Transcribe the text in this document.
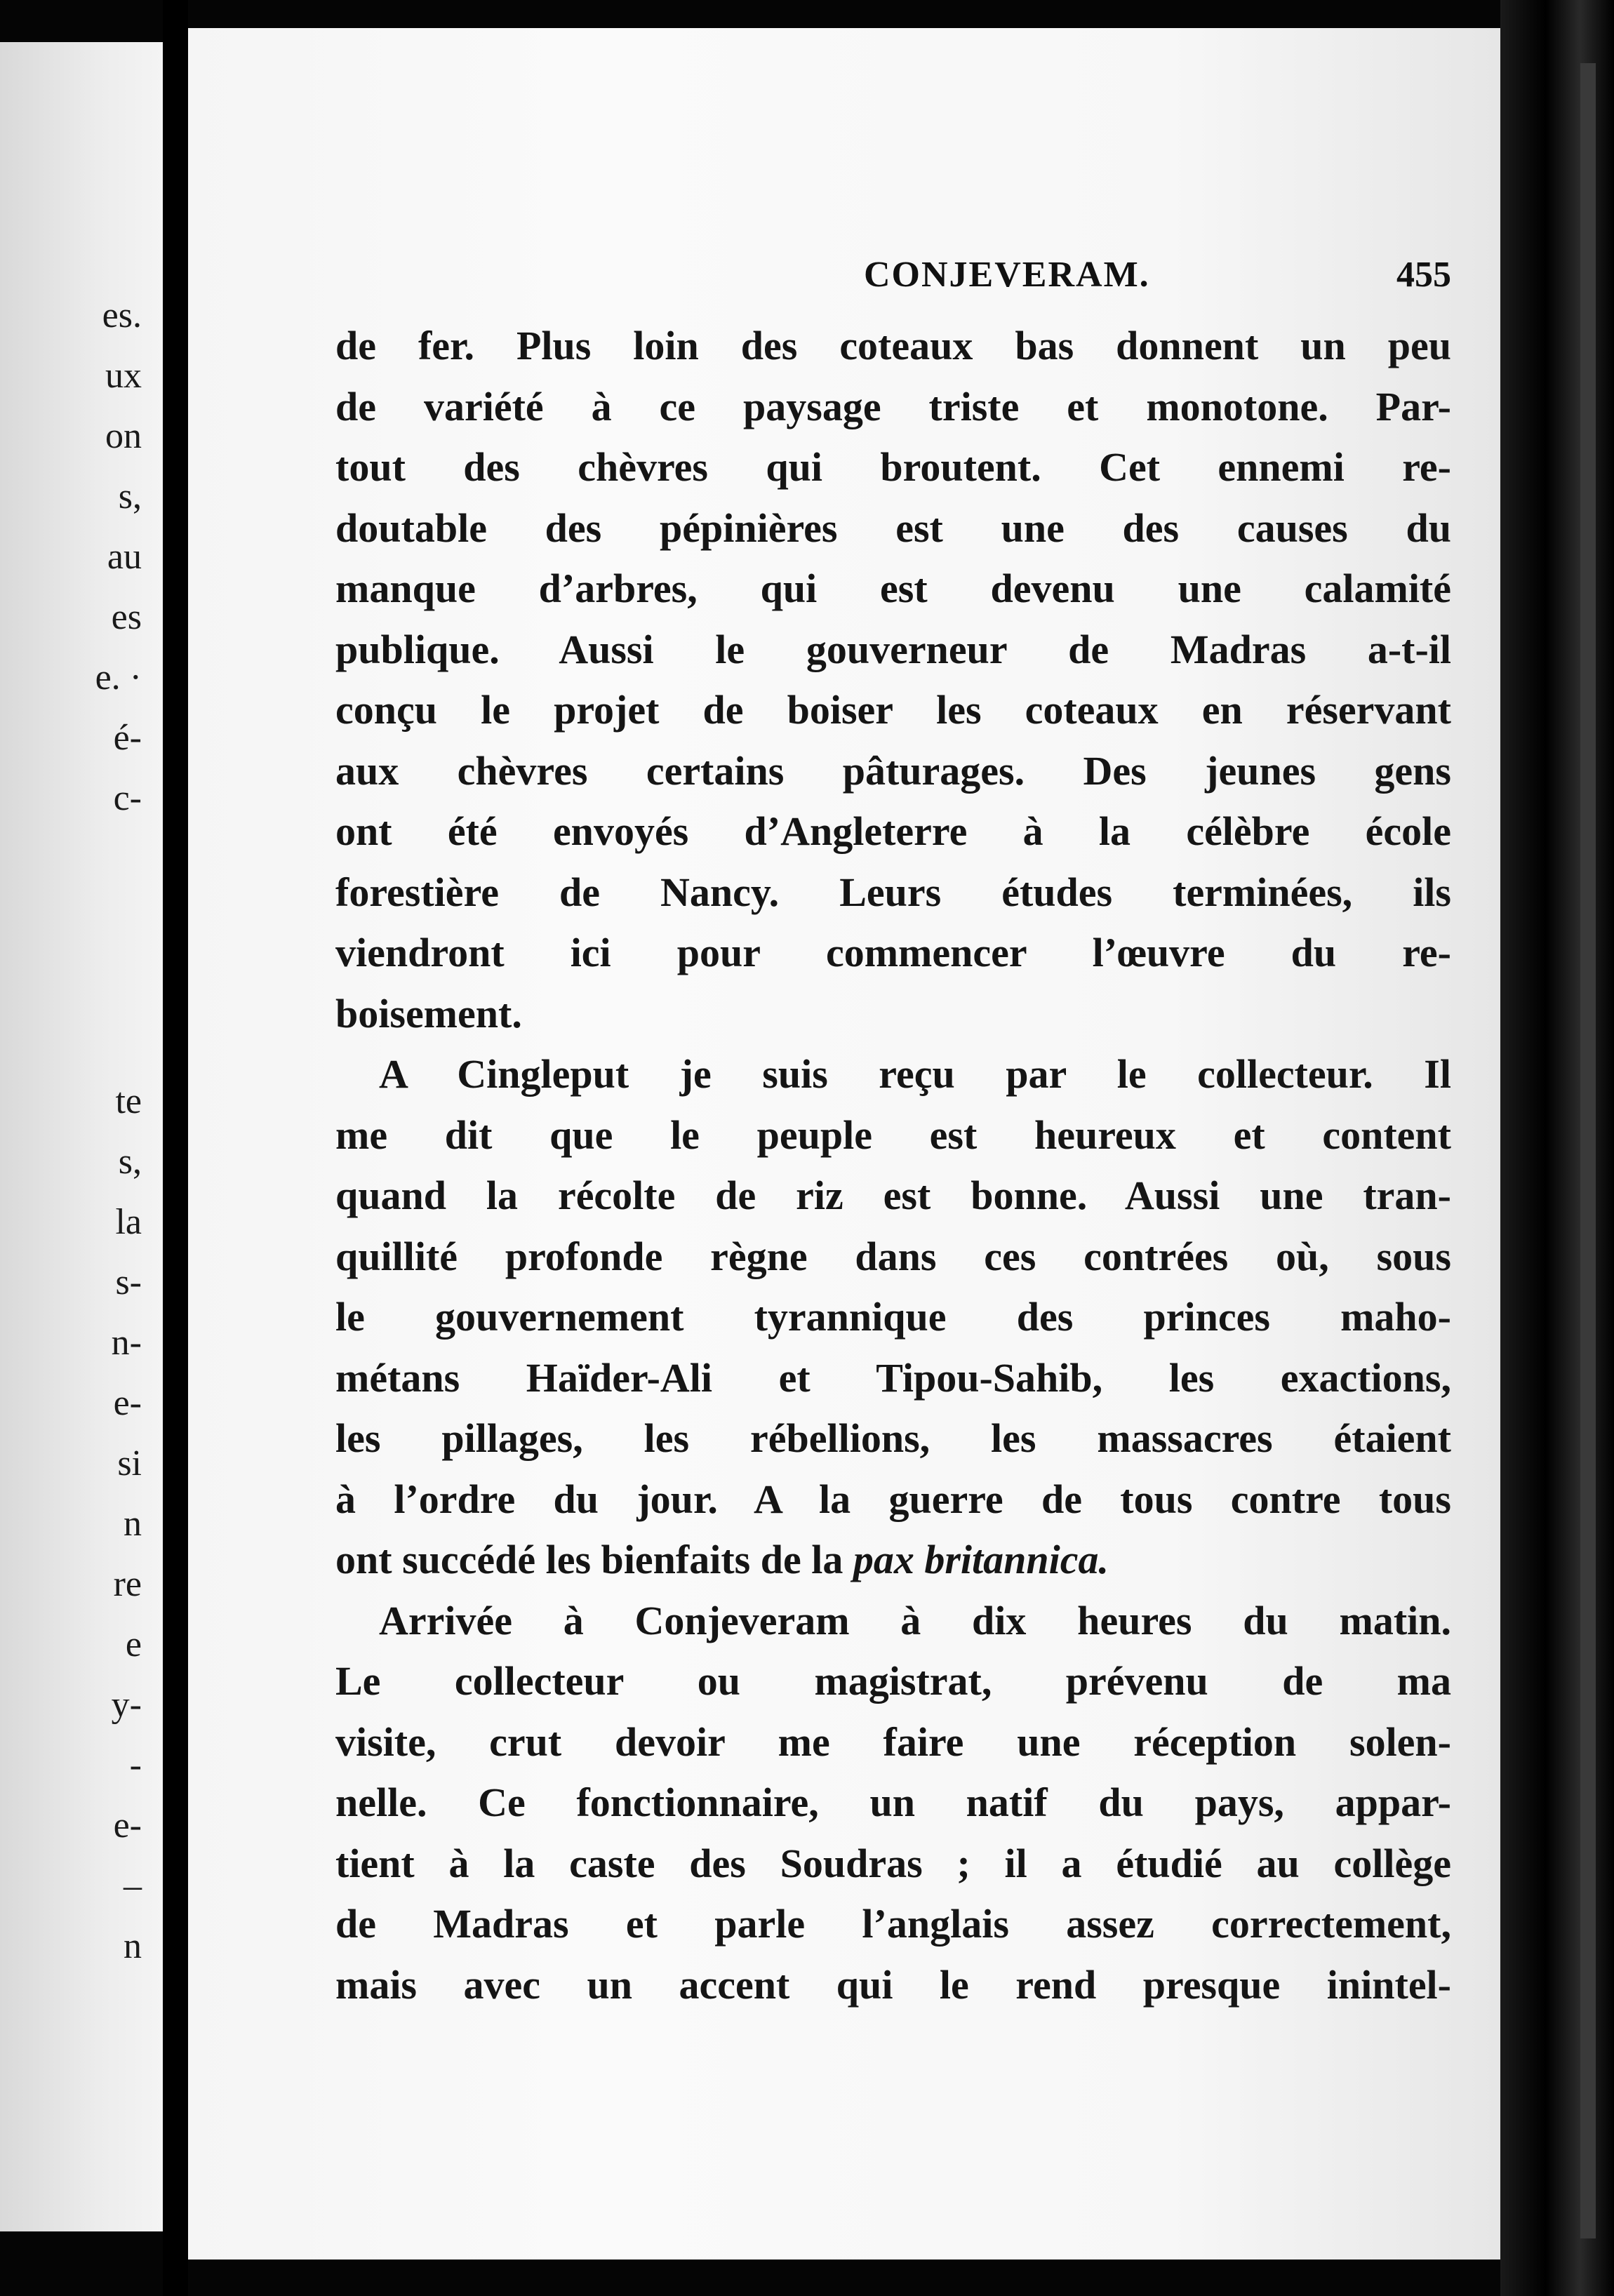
es.
ux
on
s,
au
es
e. ·
é-
c-
te
s,
la
s-
n-
e-
si
n
re
e
y-
-
e-
–
n
CONJEVERAM.	455
de fer. Plus loin des coteaux bas donnent un peu
de variété à ce paysage triste et monotone. Par-
tout des chèvres qui broutent. Cet ennemi re-
doutable des pépinières est une des causes du
manque d’arbres, qui est devenu une calamité
publique. Aussi le gouverneur de Madras a-t-il
conçu le projet de boiser les coteaux en réservant
aux chèvres certains pâturages. Des jeunes gens
ont été envoyés d’Angleterre à la célèbre école
forestière de Nancy. Leurs études terminées, ils
viendront ici pour commencer l’œuvre du re-
boisement.
A Cingleput je suis reçu par le collecteur. Il
me dit que le peuple est heureux et content
quand la récolte de riz est bonne. Aussi une tran-
quillité profonde règne dans ces contrées où, sous
le gouvernement tyrannique des princes maho-
métans Haïder-Ali et Tipou-Sahib, les exactions,
les pillages, les rébellions, les massacres étaient
à l’ordre du jour. A la guerre de tous contre tous
ont succédé les bienfaits de la pax britannica.
Arrivée à Conjeveram à dix heures du matin.
Le collecteur ou magistrat, prévenu de ma
visite, crut devoir me faire une réception solen-
nelle. Ce fonctionnaire, un natif du pays, appar-
tient à la caste des Soudras ; il a étudié au collège
de Madras et parle l’anglais assez correctement,
mais avec un accent qui le rend presque inintel-
